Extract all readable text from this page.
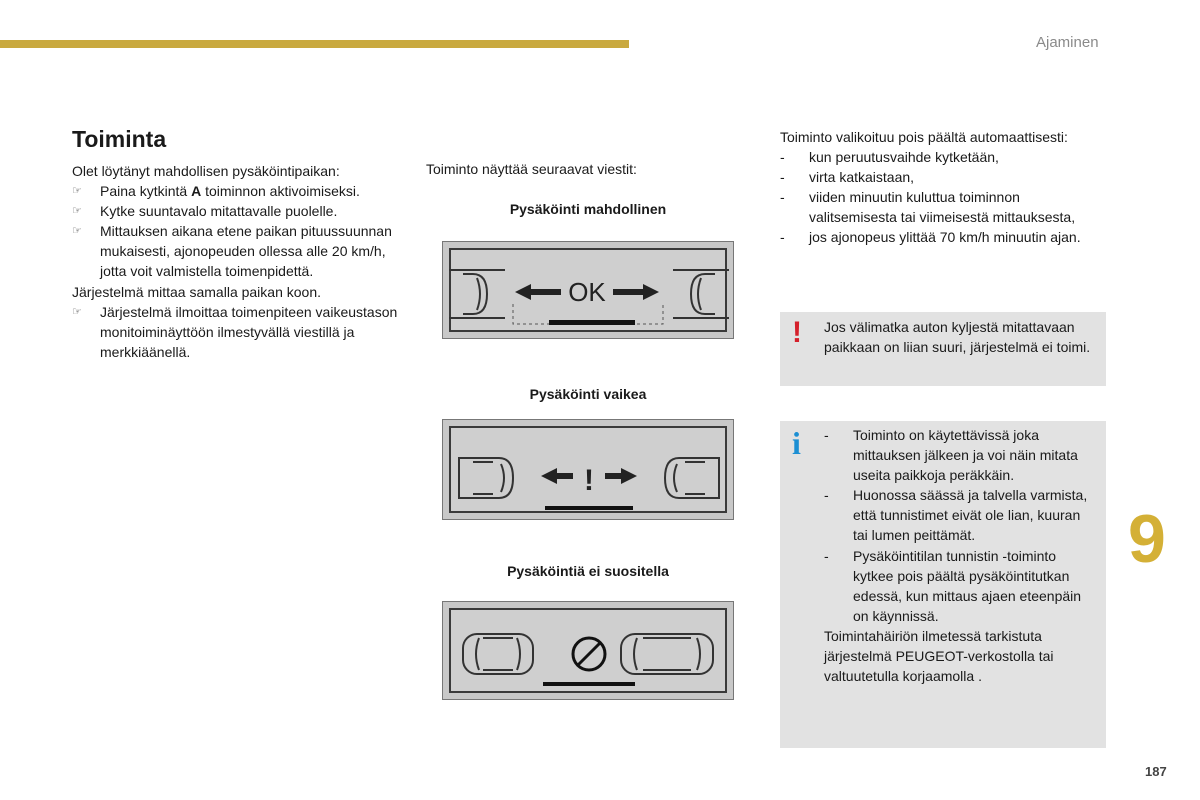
Ajaminen
Toiminta
Olet löytänyt mahdollisen pysäköintipaikan:
☞ Paina kytkintä A toiminnon aktivoimiseksi.
☞ Kytke suuntavalo mitattavalle puolelle.
☞ Mittauksen aikana etene paikan pituussuunnan mukaisesti, ajonopeuden ollessa alle 20 km/h, jotta voit valmistella toimenpidettä.
Järjestelmä mittaa samalla paikan koon.
☞ Järjestelmä ilmoittaa toimenpiteen vaikeustason monitoiminäyttöön ilmestyvällä viestillä ja merkkiäänellä.
Toiminto näyttää seuraavat viestit:
Pysäköinti mahdollinen
OK
Pysäköinti vaikea
!
Pysäköintiä ei suositella
Toiminto valikoituu pois päältä automaattisesti:
- kun peruutusvaihde kytketään,
- virta katkaistaan,
- viiden minuutin kuluttua toiminnon valitsemisesta tai viimeisestä mittauksesta,
- jos ajonopeus ylittää 70 km/h minuutin ajan.
! Jos välimatka auton kyljestä mitattavaan paikkaan on liian suuri, järjestelmä ei toimi.
i - Toiminto on käytettävissä joka mittauksen jälkeen ja voi näin mitata useita paikkoja peräkkäin.
- Huonossa säässä ja talvella varmista, että tunnistimet eivät ole lian, kuuran tai lumen peittämät.
- Pysäköintitilan tunnistin -toiminto kytkee pois päältä pysäköintitutkan edessä, kun mittaus ajaen eteenpäin on käynnissä.
Toimintahäiriön ilmetessä tarkistuta järjestelmä PEUGEOT-verkostolla tai valtuutetulla korjaamolla .
9
187
